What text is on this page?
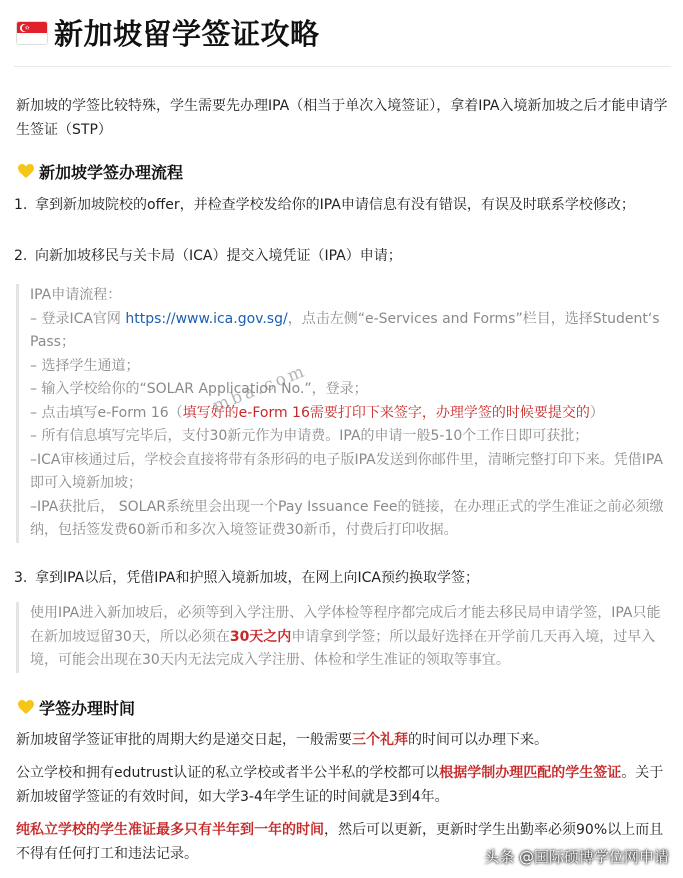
新加坡留学签证攻略
新加坡的学签比较特殊，学生需要先办理IPA（相当于单次入境签证），拿着IPA入境新加坡之后才能申请学生签证（STP）
新加坡学签办理流程
1. 拿到新加坡院校的offer，并检查学校发给你的IPA申请信息有没有错误，有误及时联系学校修改；
2. 向新加坡移民与关卡局（ICA）提交入境凭证（IPA）申请；
IPA申请流程：
– 登录ICA官网 https://www.ica.gov.sg/，点击左侧“e-Services and Forms”栏目，选择Student‘s Pass；
– 选择学生通道；
– 输入学校给你的“SOLAR Application No.”，登录；
– 点击填写e-Form 16（填写好的e-Form 16需要打印下来签字，办理学签的时候要提交的）
– 所有信息填写完毕后，支付30新元作为申请费。IPA的申请一般5-10个工作日即可获批；
–ICA审核通过后，学校会直接将带有条形码的电子版IPA发送到你邮件里，清晰完整打印下来。凭借IPA即可入境新加坡；
–IPA获批后， SOLAR系统里会出现一个Pay Issuance Fee的链接，在办理正式的学生准证之前必须缴纳，包括签发费60新币和多次入境签证费30新币，付费后打印收据。
3. 拿到IPA以后，凭借IPA和护照入境新加坡，在网上向ICA预约换取学签；
使用IPA进入新加坡后，必须等到入学注册、入学体检等程序都完成后才能去移民局申请学签，IPA只能在新加坡逗留30天，所以必须在30天之内申请拿到学签；所以最好选择在开学前几天再入境，过早入境，可能会出现在30天内无法完成入学注册、体检和学生准证的领取等事宜。
学签办理时间
新加坡留学签证审批的周期大约是递交日起，一般需要三个礼拜的时间可以办理下来。
公立学校和拥有edutrust认证的私立学校或者半公半私的学校都可以根据学制办理匹配的学生签证。关于新加坡留学签证的有效时间，如大学3-4年学生证的时间就是3到4年。
纯私立学校的学生准证最多只有半年到一年的时间，然后可以更新，更新时学生出勤率必须90%以上而且不得有任何打工和违法记录。
mba.com
头条 @国际硕博学位网申请
